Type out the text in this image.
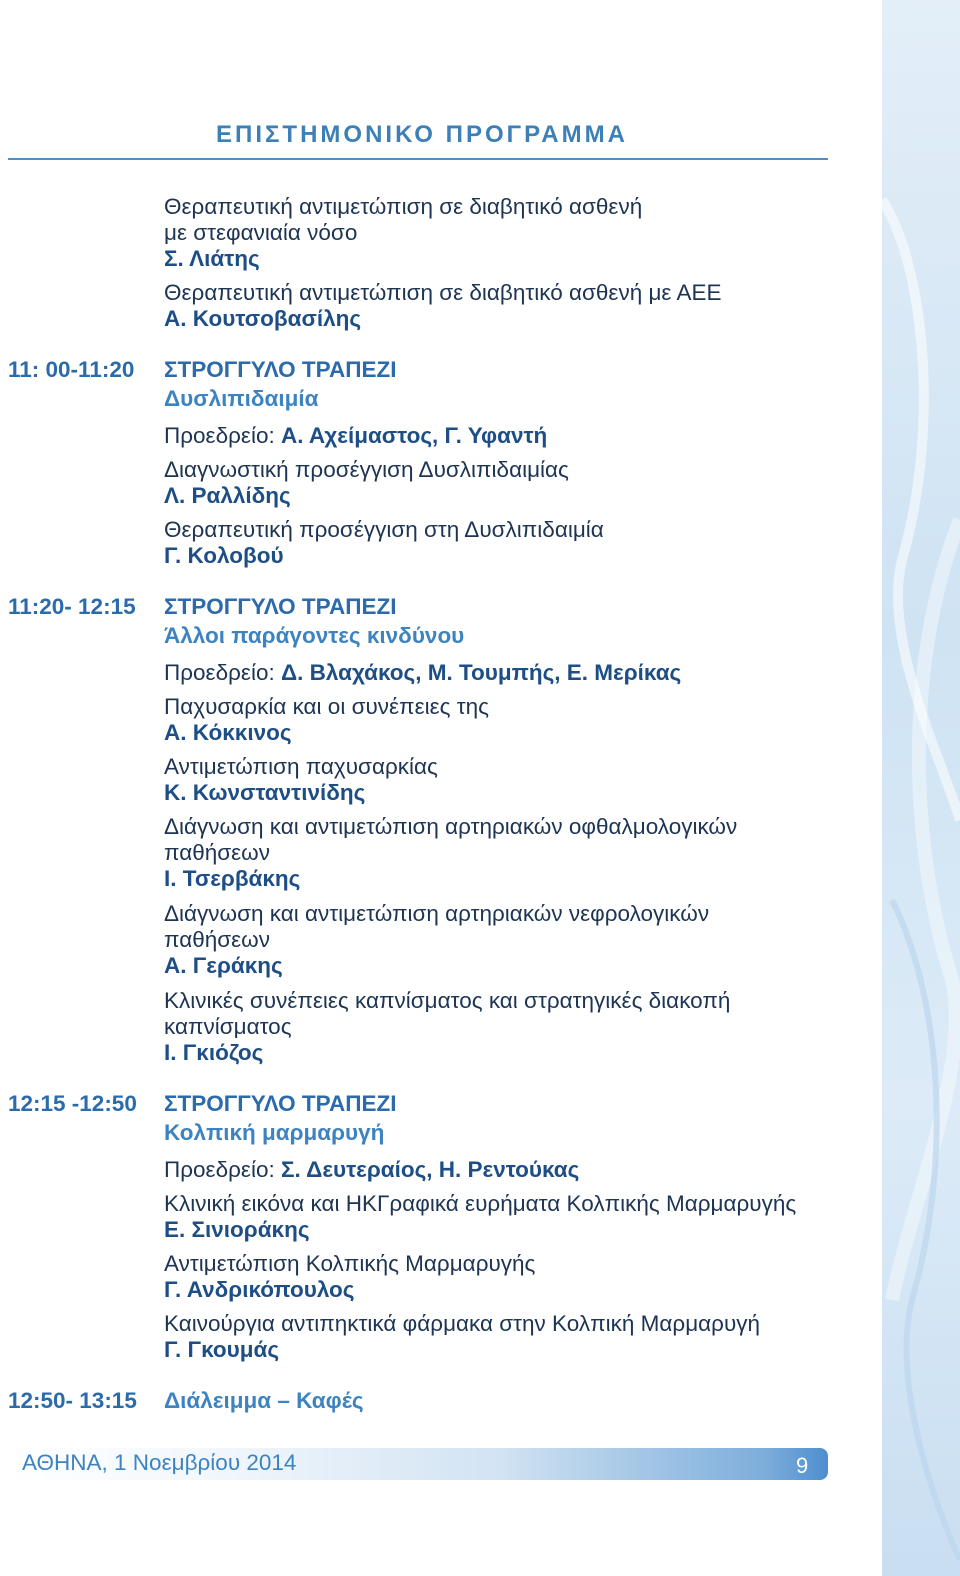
ΕΠΙΣΤΗΜΟΝΙΚΟ ΠΡΟΓΡΑΜΜΑ
Θεραπευτική αντιμετώπιση σε διαβητικό ασθενή
με στεφανιαία νόσο
Σ. Λιάτης
Θεραπευτική αντιμετώπιση σε διαβητικό ασθενή με ΑΕΕ
Α. Κουτσοβασίλης
11: 00-11:20 ΣΤΡΟΓΓΥΛΟ ΤΡΑΠΕΖΙ
Δυσλιπιδαιμία
Προεδρείο: Α. Αχείμαστος, Γ. Υφαντή
Διαγνωστική προσέγγιση Δυσλιπιδαιμίας
Λ. Ραλλίδης
Θεραπευτική προσέγγιση στη Δυσλιπιδαιμία
Γ. Κολοβού
11:20- 12:15 ΣΤΡΟΓΓΥΛΟ ΤΡΑΠΕΖΙ
Άλλοι παράγοντες κινδύνου
Προεδρείο: Δ. Βλαχάκος, Μ. Τουμπής, Ε. Μερίκας
Παχυσαρκία και οι συνέπειες της
Α. Κόκκινος
Αντιμετώπιση παχυσαρκίας
Κ. Κωνσταντινίδης
Διάγνωση και αντιμετώπιση αρτηριακών οφθαλμολογικών
παθήσεων
Ι. Τσερβάκης
Διάγνωση και αντιμετώπιση αρτηριακών νεφρολογικών
παθήσεων
Α. Γεράκης
Κλινικές συνέπειες καπνίσματος και στρατηγικές διακοπή
καπνίσματος
Ι. Γκιόζος
12:15 -12:50 ΣΤΡΟΓΓΥΛΟ ΤΡΑΠΕΖΙ
Κολπική μαρμαρυγή
Προεδρείο: Σ. Δευτεραίος, Η. Ρεντούκας
Κλινική εικόνα και ΗΚΓραφικά ευρήματα Κολπικής Μαρμαρυγής
Ε. Σινιοράκης
Αντιμετώπιση Κολπικής Μαρμαρυγής
Γ. Ανδρικόπουλος
Καινούργια αντιπηκτικά φάρμακα στην Κολπική Μαρμαρυγή
Γ. Γκουμάς
12:50- 13:15 Διάλειμμα – Καφές
ΑΘΗΝΑ, 1 Νοεμβρίου 2014	9
